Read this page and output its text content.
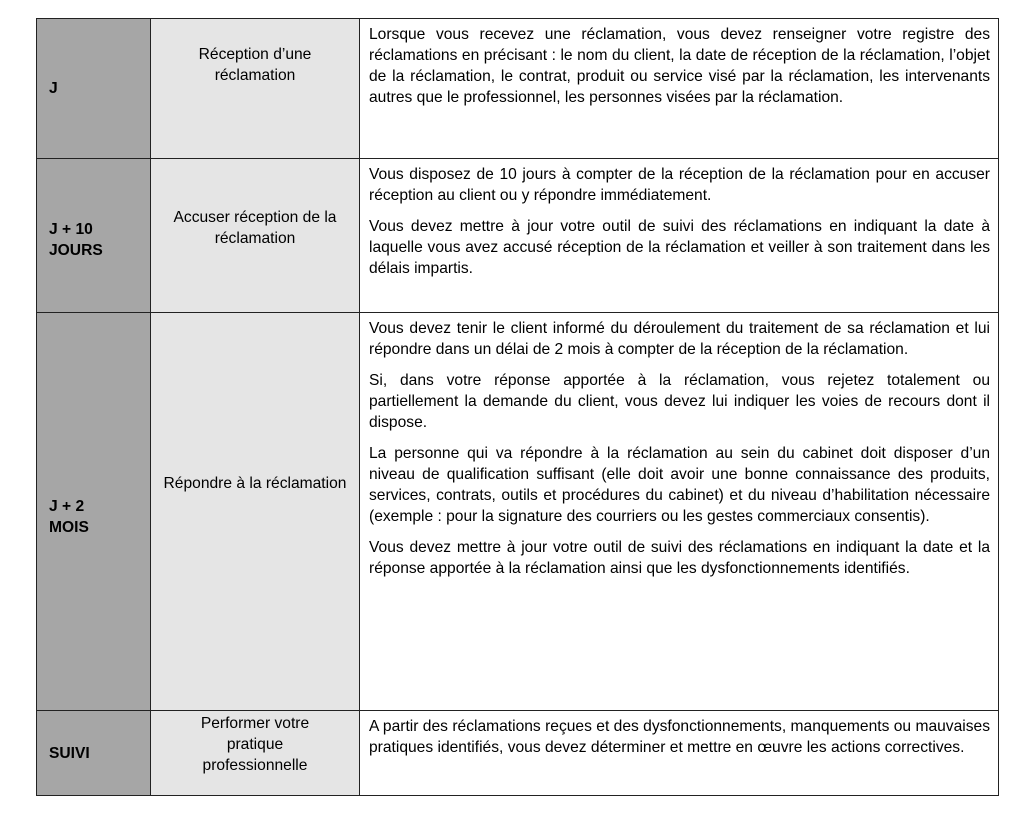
J	Réception d’une réclamation	Lorsque vous recevez une réclamation, vous devez renseigner votre registre des réclamations en précisant : le nom du client, la date de réception de la réclamation, l’objet de la réclamation, le contrat, produit ou service visé par la réclamation, les intervenants autres que le professionnel, les personnes visées par la réclamation.

J + 10 JOURS	Accuser réception de la réclamation	Vous disposez de 10 jours à compter de la réception de la réclamation pour en accuser réception au client ou y répondre immédiatement.

Vous devez mettre à jour votre outil de suivi des réclamations en indiquant la date à laquelle vous avez accusé réception de la réclamation et veiller à son traitement dans les délais impartis.

J + 2 MOIS	Répondre à la réclamation	Vous devez tenir le client informé du déroulement du traitement de sa réclamation et lui répondre dans un délai de 2 mois à compter de la réception de la réclamation.

Si, dans votre réponse apportée à la réclamation, vous rejetez totalement ou partiellement la demande du client, vous devez lui indiquer les voies de recours dont il dispose.

La personne qui va répondre à la réclamation au sein du cabinet doit disposer d’un niveau de qualification suffisant (elle doit avoir une bonne connaissance des produits, services, contrats, outils et procédures du cabinet) et du niveau d’habilitation nécessaire (exemple : pour la signature des courriers ou les gestes commerciaux consentis).

Vous devez mettre à jour votre outil de suivi des réclamations en indiquant la date et la réponse apportée à la réclamation ainsi que les dysfonctionnements identifiés.

SUIVI	Performer votre pratique professionnelle	A partir des réclamations reçues et des dysfonctionnements, manquements ou mauvaises pratiques identifiés, vous devez déterminer et mettre en œuvre les actions correctives.
